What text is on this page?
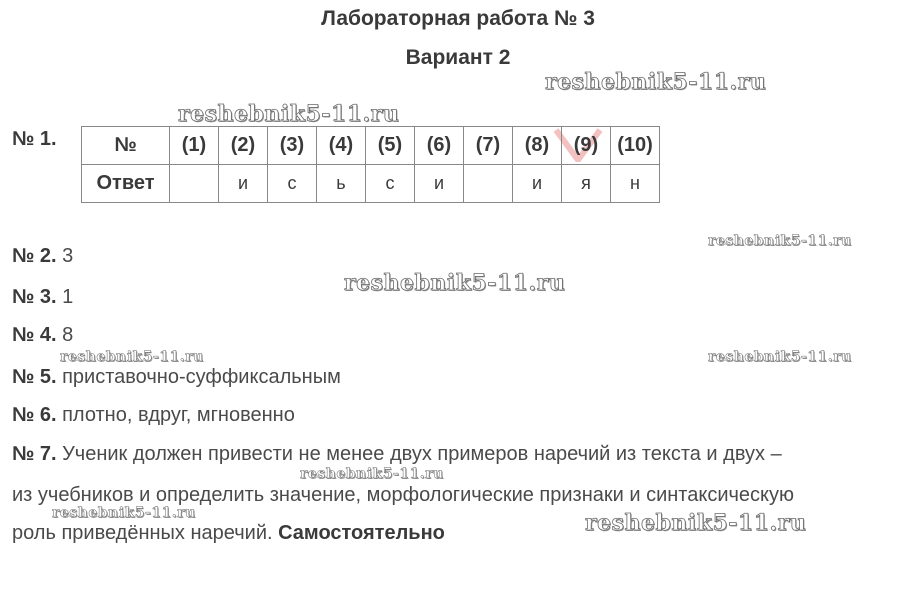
Лабораторная работа № 3
Вариант 2
№ 1.	№	(1)	(2)	(3)	(4)	(5)	(6)	(7)	(8)	(9)	(10)
Ответ		и	с	ь	с	и		и	я	н
№ 2. 3
№ 3. 1
№ 4. 8
№ 5. приставочно-суффиксальным
№ 6. плотно, вдруг, мгновенно
№ 7. Ученик должен привести не менее двух примеров наречий из текста и двух –
из учебников и определить значение, морфологические признаки и синтаксическую
роль приведённых наречий. Самостоятельно
reshebnik5-11.ru
reshebnik5-11.ru
reshebnik5-11.ru
reshebnik5-11.ru
reshebnik5-11.ru
reshebnik5-11.ru	reshebnik5-11.ru
reshebnik5-11.ru
reshebnik5-11.ru
